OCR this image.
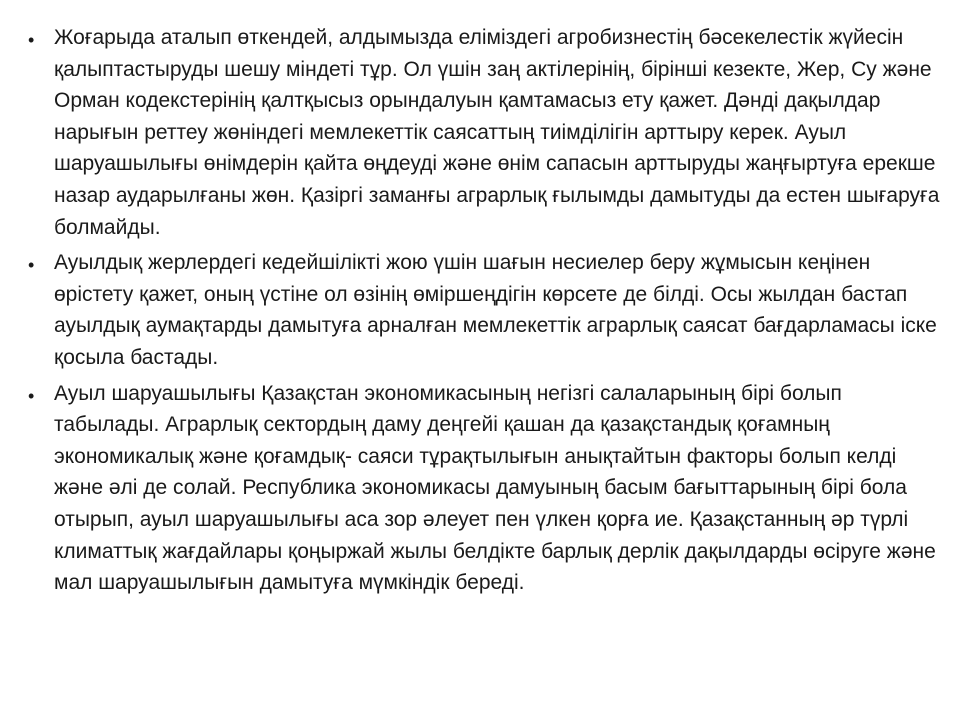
• Жоғарыда аталып өткендей, алдымызда еліміздегі агробизнестің бәсекелестік жүйесін қалыптастыруды шешу міндеті тұр. Ол үшін заң актілерінің, бірінші кезекте, Жер, Су және Орман кодекстерінің қалтқысыз орындалуын қамтамасыз ету қажет. Дәнді дақылдар нарығын реттеу жөніндегі мемлекеттік саясаттың тиімділігін арттыру керек. Ауыл шаруашылығы өнімдерін қайта өңдеуді және өнім сапасын арттыруды жаңғыртуға ерекше назар аударылғаны жөн. Қазіргі заманғы аграрлық ғылымды дамытуды да естен шығаруға болмайды.

• Ауылдық жерлердегі кедейшілікті жою үшін шағын несиелер беру жұмысын кеңінен өрістету қажет, оның үстіне ол өзінің өміршеңдігін көрсете де білді. Осы жылдан бастап ауылдық аумақтарды дамытуға арналған мемлекеттік аграрлық саясат бағдарламасы іске қосыла бастады.

• Ауыл шаруашылығы Қазақстан экономикасының негізгі салаларының бірі болып табылады. Аграрлық сектордың даму деңгейі қашан да қазақстандық қоғамның экономикалық және қоғамдық- саяси тұрақтылығын анықтайтын факторы болып келді және әлі де солай. Республика экономикасы дамуының басым бағыттарының бірі бола отырып, ауыл шаруашылығы аса зор әлеует пен үлкен қорға ие. Қазақстанның әр түрлі климаттық жағдайлары қоңыржай жылы белдікте барлық дерлік дақылдарды өсіруге және мал шаруашылығын дамытуға мүмкіндік береді.
